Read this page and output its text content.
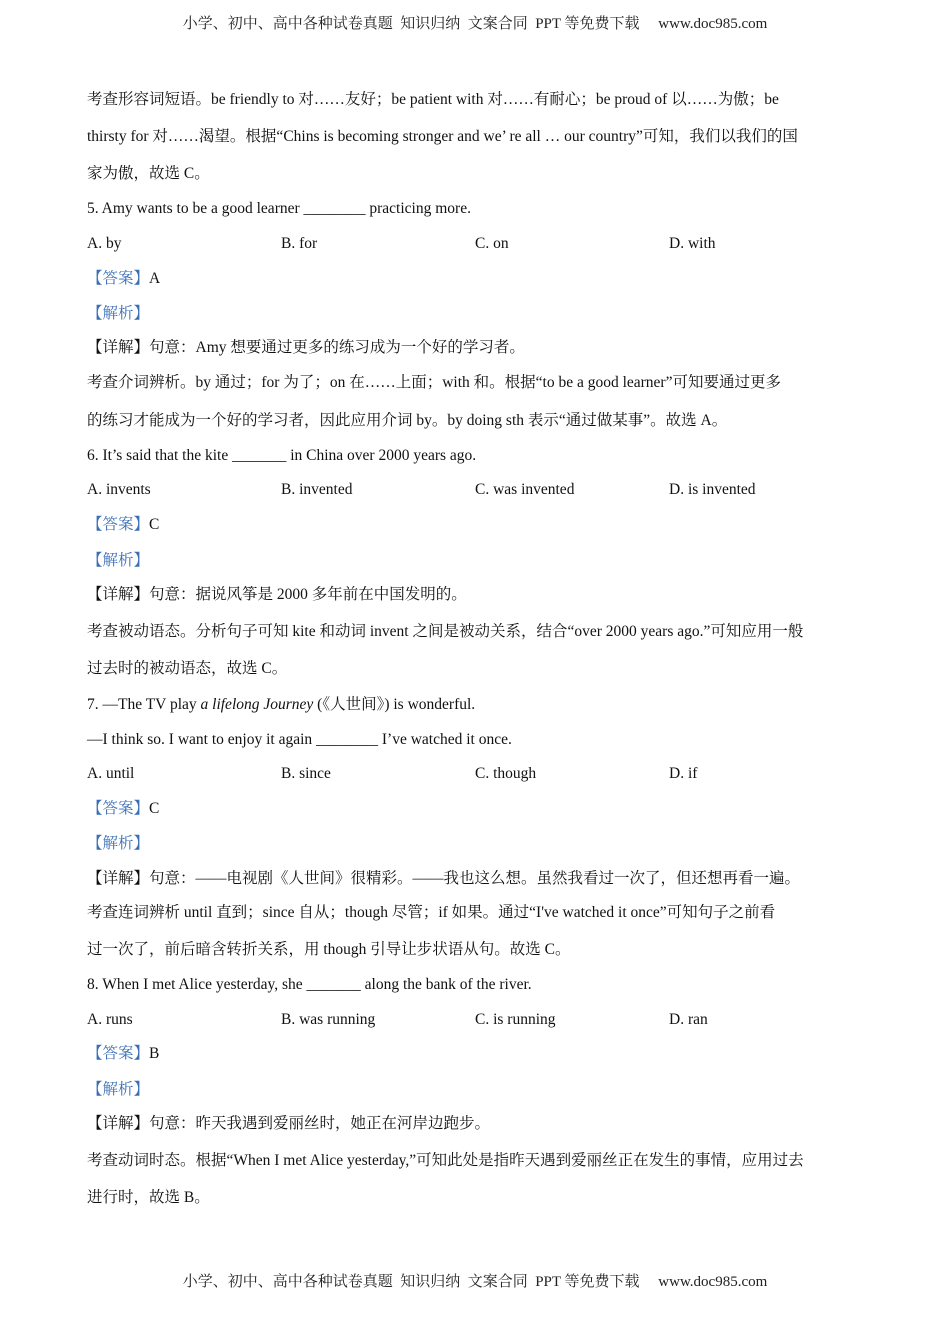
小学、初中、高中各种试卷真题  知识归纳  文案合同  PPT 等免费下载     www.doc985.com
考查形容词短语。be friendly to 对……友好；be patient with 对……有耐心；be proud of 以……为傲；be
thirsty for 对……渴望。根据“Chins is becoming stronger and we’ re all … our country”可知，我们以我们的国
家为傲，故选 C。
5. Amy wants to be a good learner ________ practicing more.
A. by	B. for	C. on	D. with
【答案】A
【解析】
【详解】句意：Amy 想要通过更多的练习成为一个好的学习者。
考查介词辨析。by 通过；for 为了；on 在……上面；with 和。根据“to be a good learner”可知要通过更多
的练习才能成为一个好的学习者，因此应用介词 by。by doing sth 表示“通过做某事”。故选 A。
6. It’s said that the kite _______ in China over 2000 years ago.
A. invents	B. invented	C. was invented	D. is invented
【答案】C
【解析】
【详解】句意：据说风筝是 2000 多年前在中国发明的。
考查被动语态。分析句子可知 kite 和动词 invent 之间是被动关系，结合“over 2000 years ago.”可知应用一般
过去时的被动语态，故选 C。
7. —The TV play a lifelong Journey (《人世间》) is wonderful.
—I think so. I want to enjoy it again ________ I’ve watched it once.
A. until	B. since	C. though	D. if
【答案】C
【解析】
【详解】句意：——电视剧《人世间》很精彩。——我也这么想。虽然我看过一次了，但还想再看一遍。
考查连词辨析 until 直到；since 自从；though 尽管；if 如果。通过“I've watched it once”可知句子之前看
过一次了，前后暗含转折关系，用 though 引导让步状语从句。故选 C。
8. When I met Alice yesterday, she _______ along the bank of the river.
A. runs	B. was running	C. is running	D. ran
【答案】B
【解析】
【详解】句意：昨天我遇到爱丽丝时，她正在河岸边跑步。
考查动词时态。根据“When I met Alice yesterday,”可知此处是指昨天遇到爱丽丝正在发生的事情，应用过去
进行时，故选 B。
小学、初中、高中各种试卷真题  知识归纳  文案合同  PPT 等免费下载     www.doc985.com
